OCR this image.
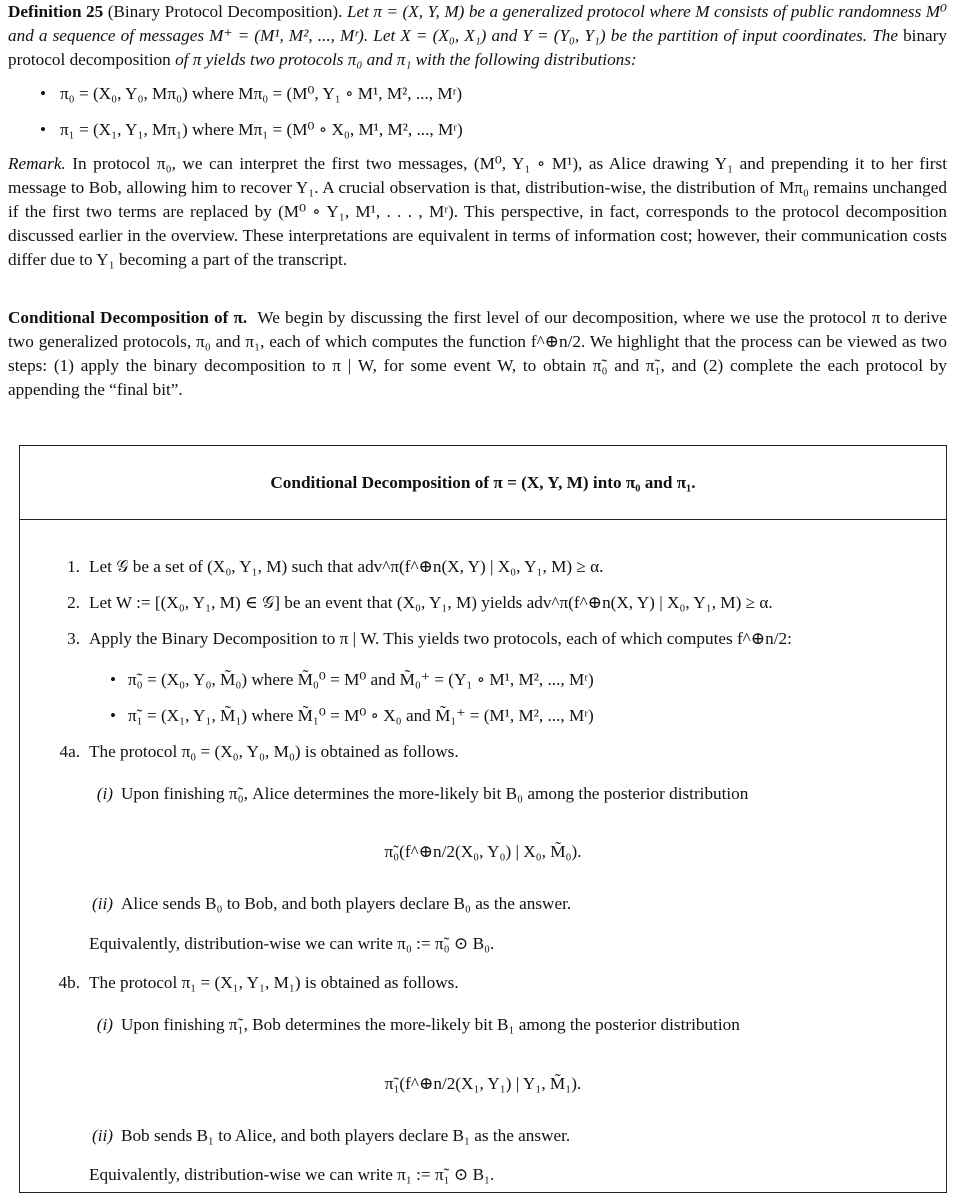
Definition 25 (Binary Protocol Decomposition). Let π = (X, Y, M) be a generalized protocol where M consists of public randomness M⁰ and a sequence of messages M⁺ = (M¹, M², ..., Mʳ). Let X = (X₀, X₁) and Y = (Y₀, Y₁) be the partition of input coordinates. The binary protocol decomposition of π yields two protocols π₀ and π₁ with the following distributions:

• π₀ = (X₀, Y₀, Mπ₀) where Mπ₀ = (M⁰, Y₁ ∘ M¹, M², ..., Mʳ)
• π₁ = (X₁, Y₁, Mπ₁) where Mπ₁ = (M⁰ ∘ X₀, M¹, M², ..., Mʳ)

Remark. In protocol π₀, we can interpret the first two messages, (M⁰, Y₁ ∘ M¹), as Alice drawing Y₁ and prepending it to her first message to Bob, allowing him to recover Y₁. A crucial observation is that, distribution-wise, the distribution of Mπ₀ remains unchanged if the first two terms are replaced by (M⁰ ∘ Y₁, M¹, . . . , Mʳ). This perspective, in fact, corresponds to the protocol decomposition discussed earlier in the overview. These interpretations are equivalent in terms of information cost; however, their communication costs differ due to Y₁ becoming a part of the transcript.

Conditional Decomposition of π. We begin by discussing the first level of our decomposition, where we use the protocol π to derive two generalized protocols, π₀ and π₁, each of which computes the function f^⊕n/2. We highlight that the process can be viewed as two steps: (1) apply the binary decomposition to π | W, for some event W, to obtain π̃₀ and π̃₁, and (2) complete the each protocol by appending the “final bit”.

Conditional Decomposition of π = (X, Y, M) into π₀ and π₁.
1. Let 𝒢 be a set of (X₀, Y₁, M) such that adv^π(f^⊕n(X, Y) | X₀, Y₁, M) ≥ α.
2. Let W := [(X₀, Y₁, M) ∈ 𝒢] be an event that (X₀, Y₁, M) yields adv^π(f^⊕n(X, Y) | X₀, Y₁, M) ≥ α.
3. Apply the Binary Decomposition to π | W. This yields two protocols, each of which computes f^⊕n/2:
• π̃₀ = (X₀, Y₀, M̃₀) where M̃₀⁰ = M⁰ and M̃₀⁺ = (Y₁ ∘ M¹, M², ..., Mʳ)
• π̃₁ = (X₁, Y₁, M̃₁) where M̃₁⁰ = M⁰ ∘ X₀ and M̃₁⁺ = (M¹, M², ..., Mʳ)
4a. The protocol π₀ = (X₀, Y₀, M₀) is obtained as follows.
(i) Upon finishing π̃₀, Alice determines the more-likely bit B₀ among the posterior distribution
π̃₀(f^⊕n/2(X₀, Y₀) | X₀, M̃₀).
(ii) Alice sends B₀ to Bob, and both players declare B₀ as the answer.
Equivalently, distribution-wise we can write π₀ := π̃₀ ⊙ B₀.
4b. The protocol π₁ = (X₁, Y₁, M₁) is obtained as follows.
(i) Upon finishing π̃₁, Bob determines the more-likely bit B₁ among the posterior distribution
π̃₁(f^⊕n/2(X₁, Y₁) | Y₁, M̃₁).
(ii) Bob sends B₁ to Alice, and both players declare B₁ as the answer.
Equivalently, distribution-wise we can write π₁ := π̃₁ ⊙ B₁.
